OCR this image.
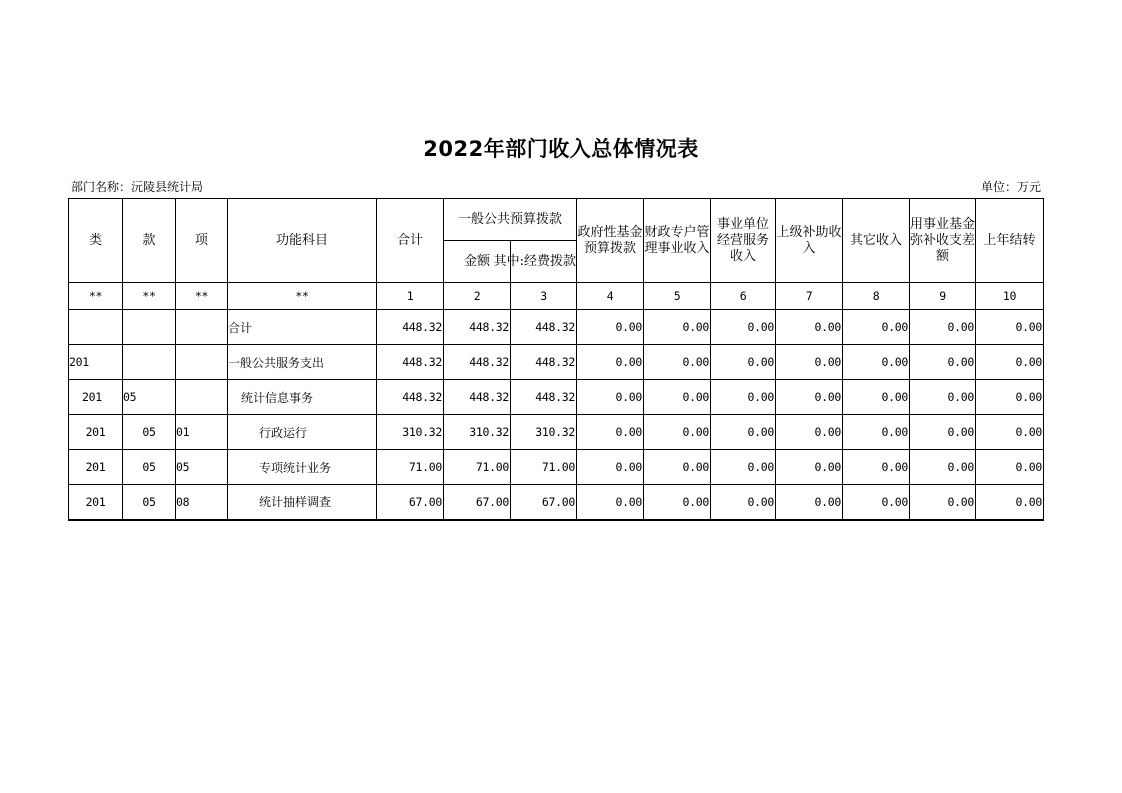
2022年部门收入总体情况表
部门名称：沅陵县统计局	单位：万元
类	款	项	功能科目	合计	一般公共预算拨款		政府性基金预算拨款	财政专户管理事业收入	事业单位经营服务收入	上级补助收入	其它收入	用事业基金弥补收支差额	上年结转
					金额	其中:经费拨款							
**	**	**	**	1	2	3	4	5	6	7	8	9	10
			合计	448.32	448.32	448.32	0.00	0.00	0.00	0.00	0.00	0.00	0.00
201			一般公共服务支出	448.32	448.32	448.32	0.00	0.00	0.00	0.00	0.00	0.00	0.00
201	05		统计信息事务	448.32	448.32	448.32	0.00	0.00	0.00	0.00	0.00	0.00	0.00
201	05	01	行政运行	310.32	310.32	310.32	0.00	0.00	0.00	0.00	0.00	0.00	0.00
201	05	05	专项统计业务	71.00	71.00	71.00	0.00	0.00	0.00	0.00	0.00	0.00	0.00
201	05	08	统计抽样调查	67.00	67.00	67.00	0.00	0.00	0.00	0.00	0.00	0.00	0.00
